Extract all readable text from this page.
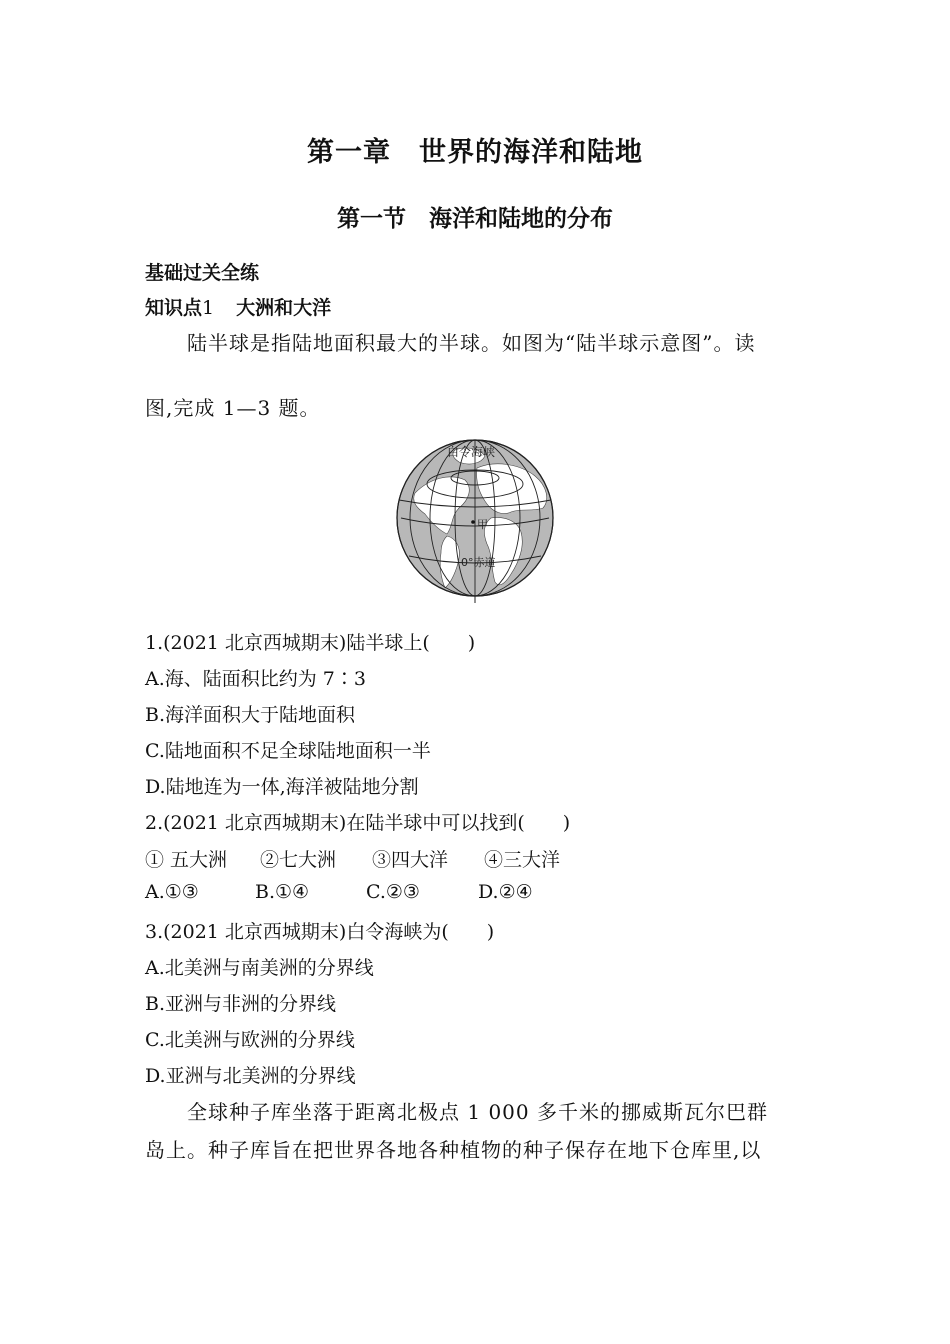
第一章　世界的海洋和陆地
第一节　海洋和陆地的分布
基础过关全练
知识点1 大洲和大洋
陆半球是指陆地面积最大的半球。如图为“陆半球示意图”。读
图,完成 1—3 题。
白令海峡
甲
0°赤道
1.(2021 北京西城期末)陆半球上(　　)
A.海、陆面积比约为 7∶3
B.海洋面积大于陆地面积
C.陆地面积不足全球陆地面积一半
D.陆地连为一体,海洋被陆地分割
2.(2021 北京西城期末)在陆半球中可以找到(　　)
① 五大洲 ②七大洲 ③四大洋 ④三大洋
A.①③	B.①④	C.②③	D.②④
3.(2021 北京西城期末)白令海峡为(　　)
A.北美洲与南美洲的分界线
B.亚洲与非洲的分界线
C.北美洲与欧洲的分界线
D.亚洲与北美洲的分界线
全球种子库坐落于距离北极点 1 000 多千米的挪威斯瓦尔巴群
岛上。种子库旨在把世界各地各种植物的种子保存在地下仓库里,以
